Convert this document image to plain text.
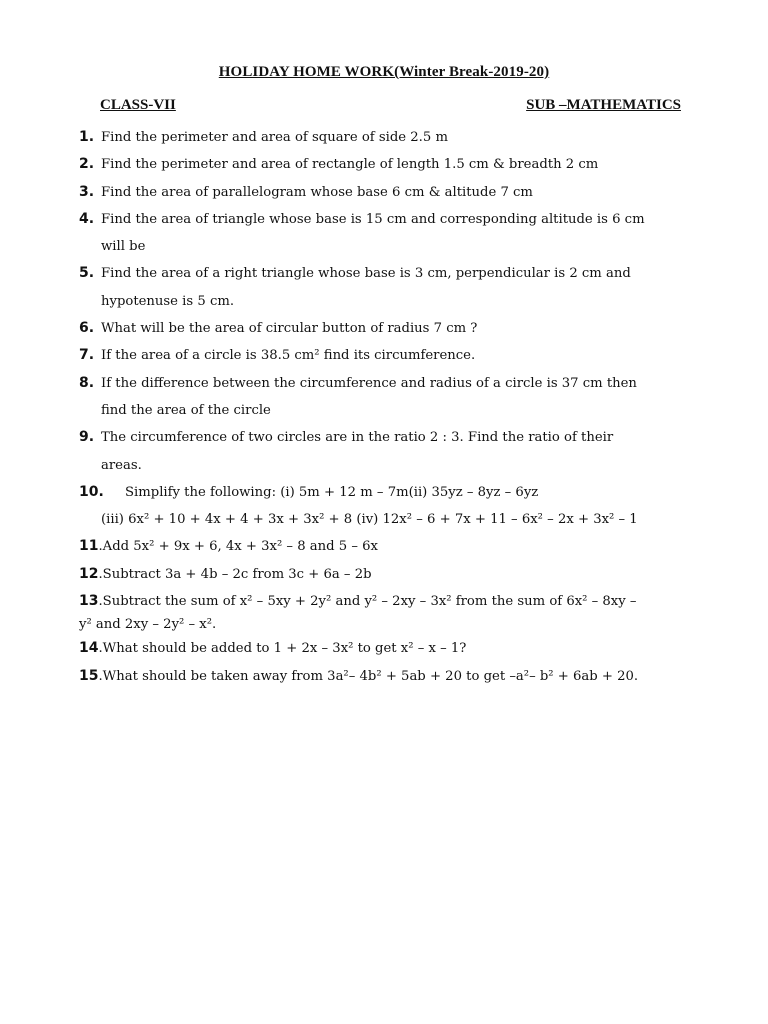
HOLIDAY HOME WORK(Winter Break-2019-20)
CLASS-VII	SUB –MATHEMATICS
1. Find the perimeter and area of square of side 2.5 m
2. Find the perimeter and area of rectangle of length 1.5 cm & breadth 2 cm
3. Find the area of parallelogram whose base 6 cm & altitude 7 cm
4. Find the area of triangle whose base is 15 cm and corresponding altitude is 6 cm
will be
5. Find the area of a right triangle whose base is 3 cm, perpendicular is 2 cm and
hypotenuse is 5 cm.
6. What will be the area of circular button of radius 7 cm ?
7. If the area of a circle is 38.5 cm² find its circumference.
8. If the difference between the circumference and radius of a circle is 37 cm then
find the area of the circle
9. The circumference of two circles are in the ratio 2 : 3. Find the ratio of their
areas.
10. Simplify the following: (i) 5m + 12 m – 7m(ii) 35yz – 8yz – 6yz
(iii) 6x² + 10 + 4x + 4 + 3x + 3x² + 8 (iv) 12x² – 6 + 7x + 11 – 6x² – 2x + 3x² – 1
11.Add 5x² + 9x + 6, 4x + 3x² – 8 and 5 – 6x
12.Subtract 3a + 4b – 2c from 3c + 6a – 2b
13.Subtract the sum of x² – 5xy + 2y² and y² – 2xy – 3x² from the sum of 6x² – 8xy –
y² and 2xy – 2y² – x².
14.What should be added to 1 + 2x – 3x² to get x² – x – 1?
15.What should be taken away from 3a²– 4b² + 5ab + 20 to get –a²– b² + 6ab + 20.
